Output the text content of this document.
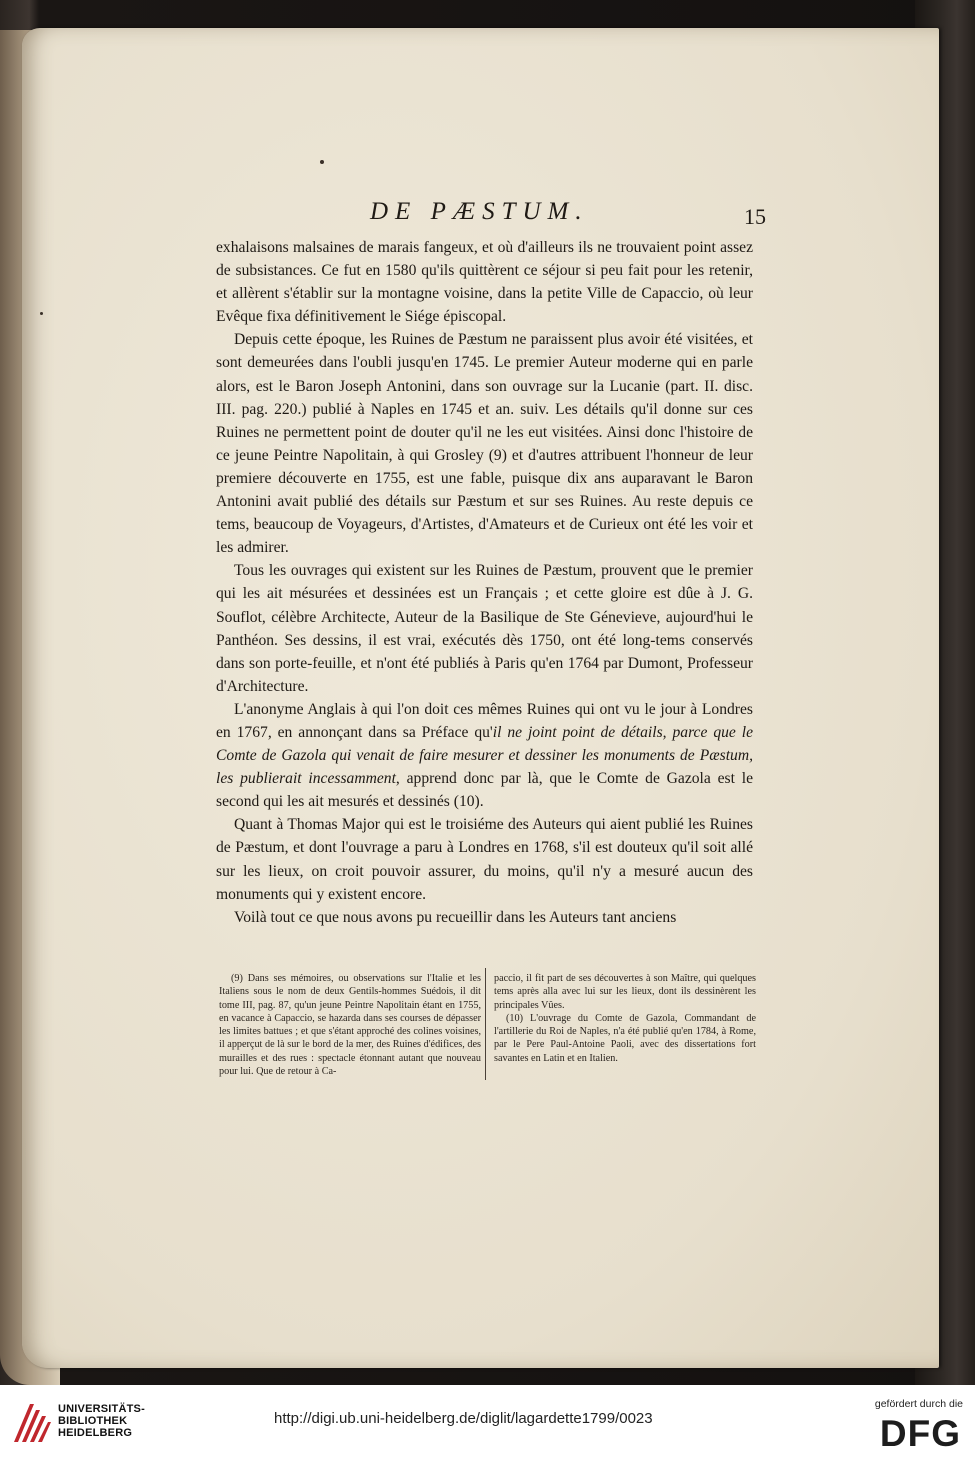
DE PÆSTUM.	15

exhalaisons malsaines de marais fangeux, et où d'ailleurs ils ne trouvaient point assez de subsistances. Ce fut en 1580 qu'ils quittèrent ce séjour si peu fait pour les retenir, et allèrent s'établir sur la montagne voisine, dans la petite Ville de Capaccio, où leur Evêque fixa définitivement le Siége épiscopal.

Depuis cette époque, les Ruines de Pæstum ne paraissent plus avoir été visitées, et sont demeurées dans l'oubli jusqu'en 1745. Le premier Auteur moderne qui en parle alors, est le Baron Joseph Antonini, dans son ouvrage sur la Lucanie (part. II. disc. III. pag. 220.) publié à Naples en 1745 et an. suiv. Les détails qu'il donne sur ces Ruines ne permettent point de douter qu'il ne les eut visitées. Ainsi donc l'histoire de ce jeune Peintre Napolitain, à qui Grosley (9) et d'autres attribuent l'honneur de leur premiere découverte en 1755, est une fable, puisque dix ans auparavant le Baron Antonini avait publié des détails sur Pæstum et sur ses Ruines. Au reste depuis ce tems, beaucoup de Voyageurs, d'Artistes, d'Amateurs et de Curieux ont été les voir et les admirer.

Tous les ouvrages qui existent sur les Ruines de Pæstum, prouvent que le premier qui les ait mésurées et dessinées est un Français ; et cette gloire est dûe à J. G. Souflot, célèbre Architecte, Auteur de la Basilique de Ste Génevieve, aujourd'hui le Panthéon. Ses dessins, il est vrai, exécutés dès 1750, ont été long-tems conservés dans son porte-feuille, et n'ont été publiés à Paris qu'en 1764 par Dumont, Professeur d'Architecture.

L'anonyme Anglais à qui l'on doit ces mêmes Ruines qui ont vu le jour à Londres en 1767, en annonçant dans sa Préface qu'il ne joint point de détails, parce que le Comte de Gazola qui venait de faire mesurer et dessiner les monuments de Pæstum, les publierait incessamment, apprend donc par là, que le Comte de Gazola est le second qui les ait mesurés et dessinés (10).

Quant à Thomas Major qui est le troisiéme des Auteurs qui aient publié les Ruines de Pæstum, et dont l'ouvrage a paru à Londres en 1768, s'il est douteux qu'il soit allé sur les lieux, on croit pouvoir assurer, du moins, qu'il n'y a mesuré aucun des monuments qui y existent encore.

Voilà tout ce que nous avons pu recueillir dans les Auteurs tant anciens

(9) Dans ses mémoires, ou observations sur l'Italie et les Italiens sous le nom de deux Gentils-hommes Suédois, il dit tome III, pag. 87, qu'un jeune Peintre Napolitain étant en 1755, en vacance à Capaccio, se hazarda dans ses courses de dépasser les limites battues ; et que s'étant approché des colines voisines, il apperçut de là sur le bord de la mer, des Ruines d'édifices, des murailles et des rues : spectacle étonnant autant que nouveau pour lui. Que de retour à Ca-

paccio, il fit part de ses découvertes à son Maître, qui quelques tems après alla avec lui sur les lieux, dont ils dessinèrent les principales Vûes.

(10) L'ouvrage du Comte de Gazola, Commandant de l'artillerie du Roi de Naples, n'a été publié qu'en 1784, à Rome, par le Pere Paul-Antoine Paoli, avec des dissertations fort savantes en Latin et en Italien.

UNIVERSITÄTS-
BIBLIOTHEK
HEIDELBERG
http://digi.ub.uni-heidelberg.de/diglit/lagardette1799/0023
gefördert durch die
DFG
